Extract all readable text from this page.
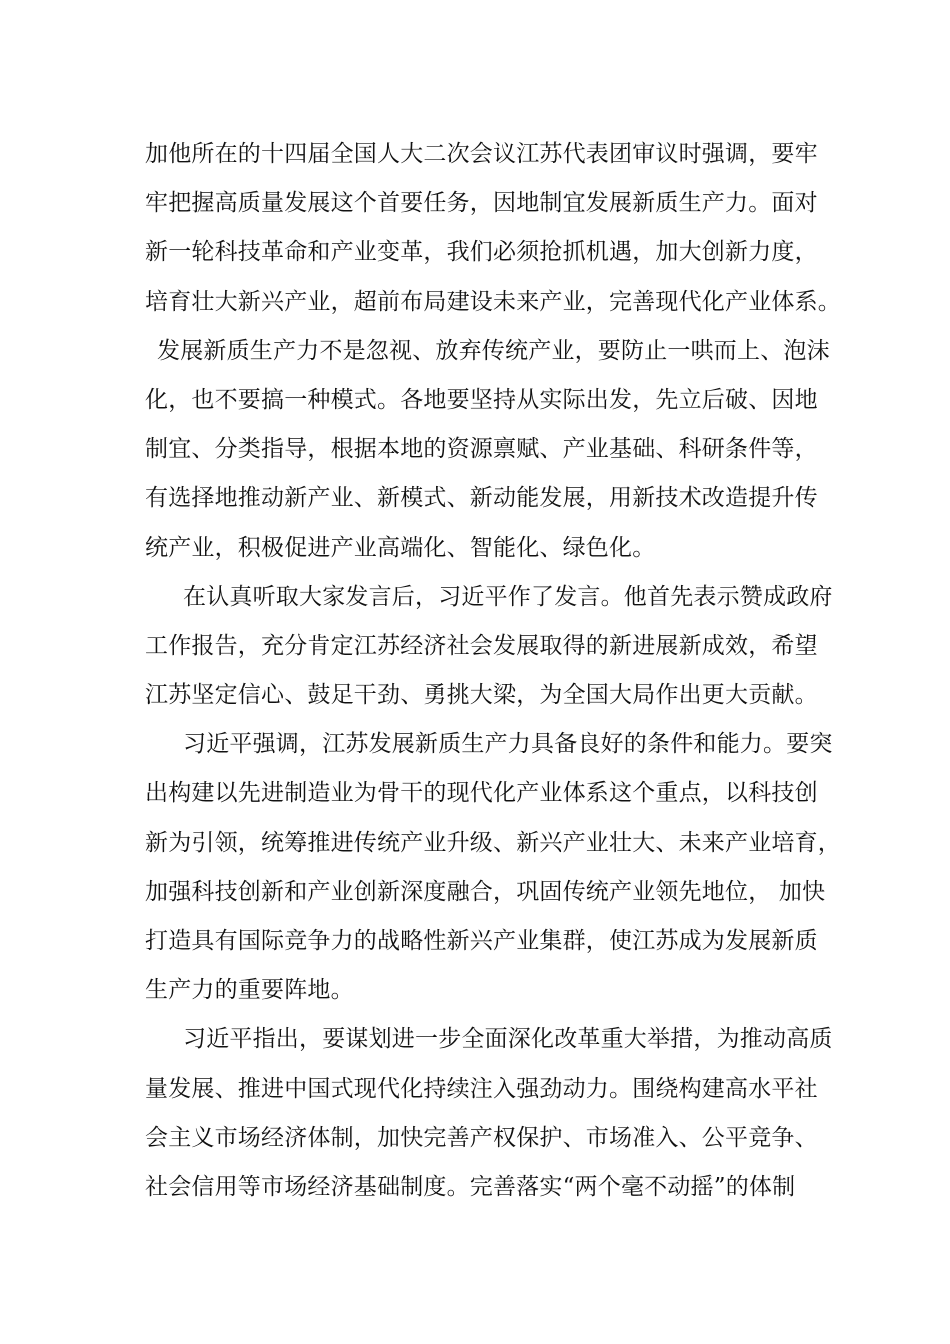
加他所在的十四届全国人大二次会议江苏代表团审议时强调，要牢
牢把握高质量发展这个首要任务，因地制宜发展新质生产力。面对
新一轮科技革命和产业变革，我们必须抢抓机遇，加大创新力度，
培育壮大新兴产业，超前布局建设未来产业，完善现代化产业体系。
发展新质生产力不是忽视、放弃传统产业，要防止一哄而上、泡沫
化，也不要搞一种模式。各地要坚持从实际出发，先立后破、因地
制宜、分类指导，根据本地的资源禀赋、产业基础、科研条件等，
有选择地推动新产业、新模式、新动能发展，用新技术改造提升传
统产业，积极促进产业高端化、智能化、绿色化。
在认真听取大家发言后，习近平作了发言。他首先表示赞成政府
工作报告，充分肯定江苏经济社会发展取得的新进展新成效，希望
江苏坚定信心、鼓足干劲、勇挑大梁，为全国大局作出更大贡献。
习近平强调，江苏发展新质生产力具备良好的条件和能力。要突
出构建以先进制造业为骨干的现代化产业体系这个重点，以科技创
新为引领，统筹推进传统产业升级、新兴产业壮大、未来产业培育，
加强科技创新和产业创新深度融合，巩固传统产业领先地位， 加快
打造具有国际竞争力的战略性新兴产业集群，使江苏成为发展新质
生产力的重要阵地。
习近平指出，要谋划进一步全面深化改革重大举措，为推动高质
量发展、推进中国式现代化持续注入强劲动力。围绕构建高水平社
会主义市场经济体制，加快完善产权保护、市场准入、公平竞争、
社会信用等市场经济基础制度。完善落实“两个毫不动摇”的体制
